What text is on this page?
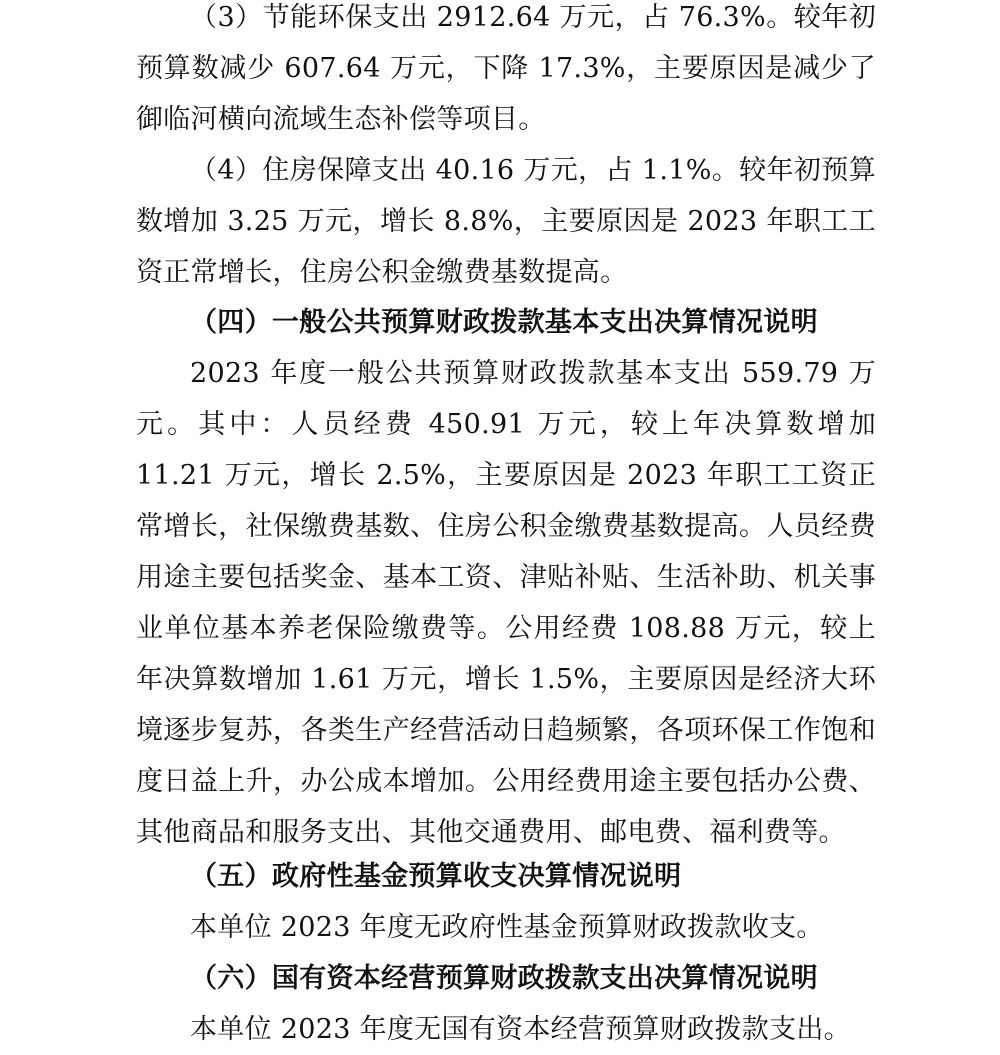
（3）节能环保支出 2912.64 万元，占 76.3%。较年初预算数减少 607.64 万元，下降 17.3%，主要原因是减少了御临河横向流域生态补偿等项目。

（4）住房保障支出 40.16 万元，占 1.1%。较年初预算数增加 3.25 万元，增长 8.8%，主要原因是 2023 年职工工资正常增长，住房公积金缴费基数提高。

（四）一般公共预算财政拨款基本支出决算情况说明

2023 年度一般公共预算财政拨款基本支出 559.79 万元。其中：人员经费 450.91 万元，较上年决算数增加 11.21 万元，增长 2.5%，主要原因是 2023 年职工工资正常增长，社保缴费基数、住房公积金缴费基数提高。人员经费用途主要包括奖金、基本工资、津贴补贴、生活补助、机关事业单位基本养老保险缴费等。公用经费 108.88 万元，较上年决算数增加 1.61 万元，增长 1.5%，主要原因是经济大环境逐步复苏，各类生产经营活动日趋频繁，各项环保工作饱和度日益上升，办公成本增加。公用经费用途主要包括办公费、其他商品和服务支出、其他交通费用、邮电费、福利费等。

（五）政府性基金预算收支决算情况说明

本单位 2023 年度无政府性基金预算财政拨款收支。

（六）国有资本经营预算财政拨款支出决算情况说明

本单位 2023 年度无国有资本经营预算财政拨款支出。
